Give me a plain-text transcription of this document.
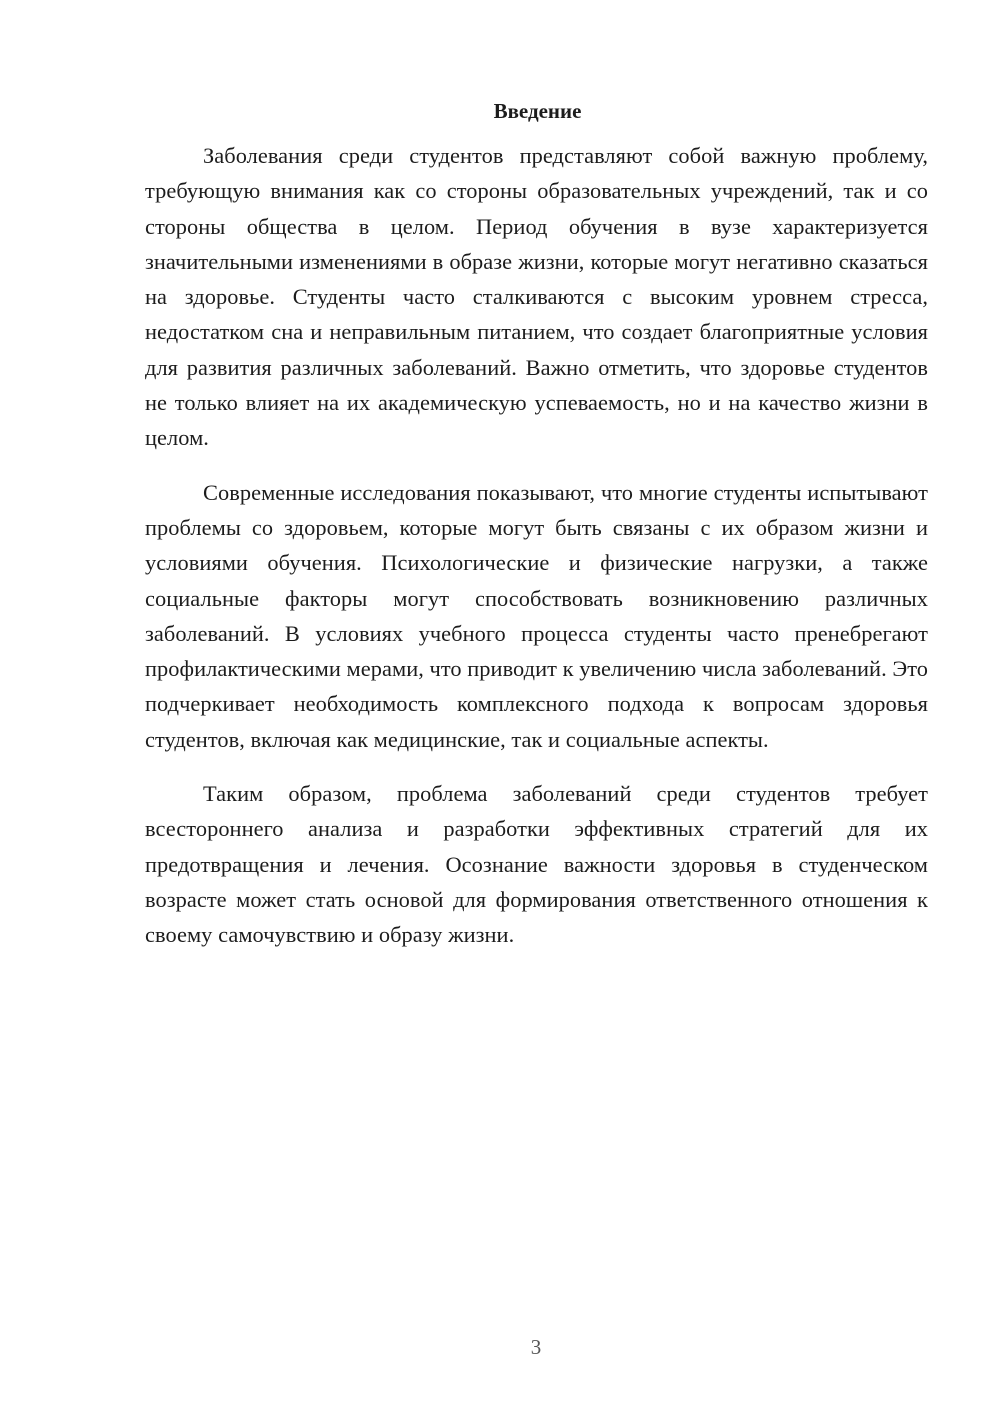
Введение

Заболевания среди студентов представляют собой важную проблему, требующую внимания как со стороны образовательных учреждений, так и со стороны общества в целом. Период обучения в вузе характеризуется значительными изменениями в образе жизни, которые могут негативно сказаться на здоровье. Студенты часто сталкиваются с высоким уровнем стресса, недостатком сна и неправильным питанием, что создает благоприятные условия для развития различных заболеваний. Важно отметить, что здоровье студентов не только влияет на их академическую успеваемость, но и на качество жизни в целом.

Современные исследования показывают, что многие студенты испытывают проблемы со здоровьем, которые могут быть связаны с их образом жизни и условиями обучения. Психологические и физические нагрузки, а также социальные факторы могут способствовать возникновению различных заболеваний. В условиях учебного процесса студенты часто пренебрегают профилактическими мерами, что приводит к увеличению числа заболеваний. Это подчеркивает необходимость комплексного подхода к вопросам здоровья студентов, включая как медицинские, так и социальные аспекты.

Таким образом, проблема заболеваний среди студентов требует всестороннего анализа и разработки эффективных стратегий для их предотвращения и лечения. Осознание важности здоровья в студенческом возрасте может стать основой для формирования ответственного отношения к своему самочувствию и образу жизни.

3
